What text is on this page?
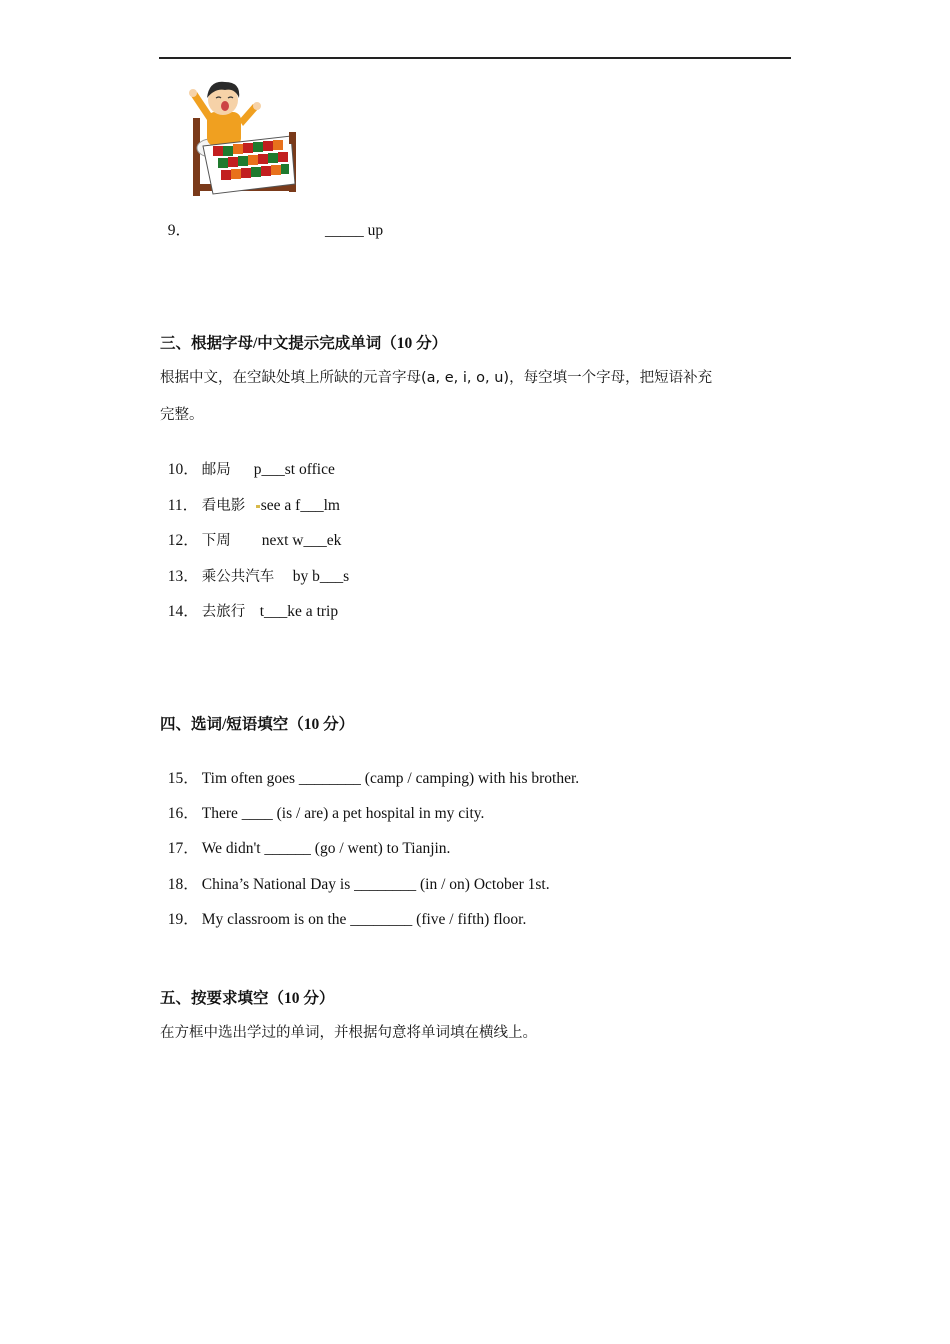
9．	_____ up

三、根据字母/中文提示完成单词（10 分）
根据中文，在空缺处填上所缺的元音字母(a, e, i, o, u)，每空填一个字母，把短语补充
完整。

10． 邮局 p___st office

11． 看电影 see a f___lm

12． 下周 next w___ek

13． 乘公共汽车 by b___s

14． 去旅行 t___ke a trip

四、选词/短语填空（10 分）

15． Tim often goes ________ (camp / camping) with his brother.

16． There ____ (is / are) a pet hospital in my city.

17． We didn't ______ (go / went) to Tianjin.

18． China’s National Day is ________ (in / on) October 1st.

19． My classroom is on the ________ (five / fifth) floor.

五、按要求填空（10 分）
在方框中选出学过的单词，并根据句意将单词填在横线上。
